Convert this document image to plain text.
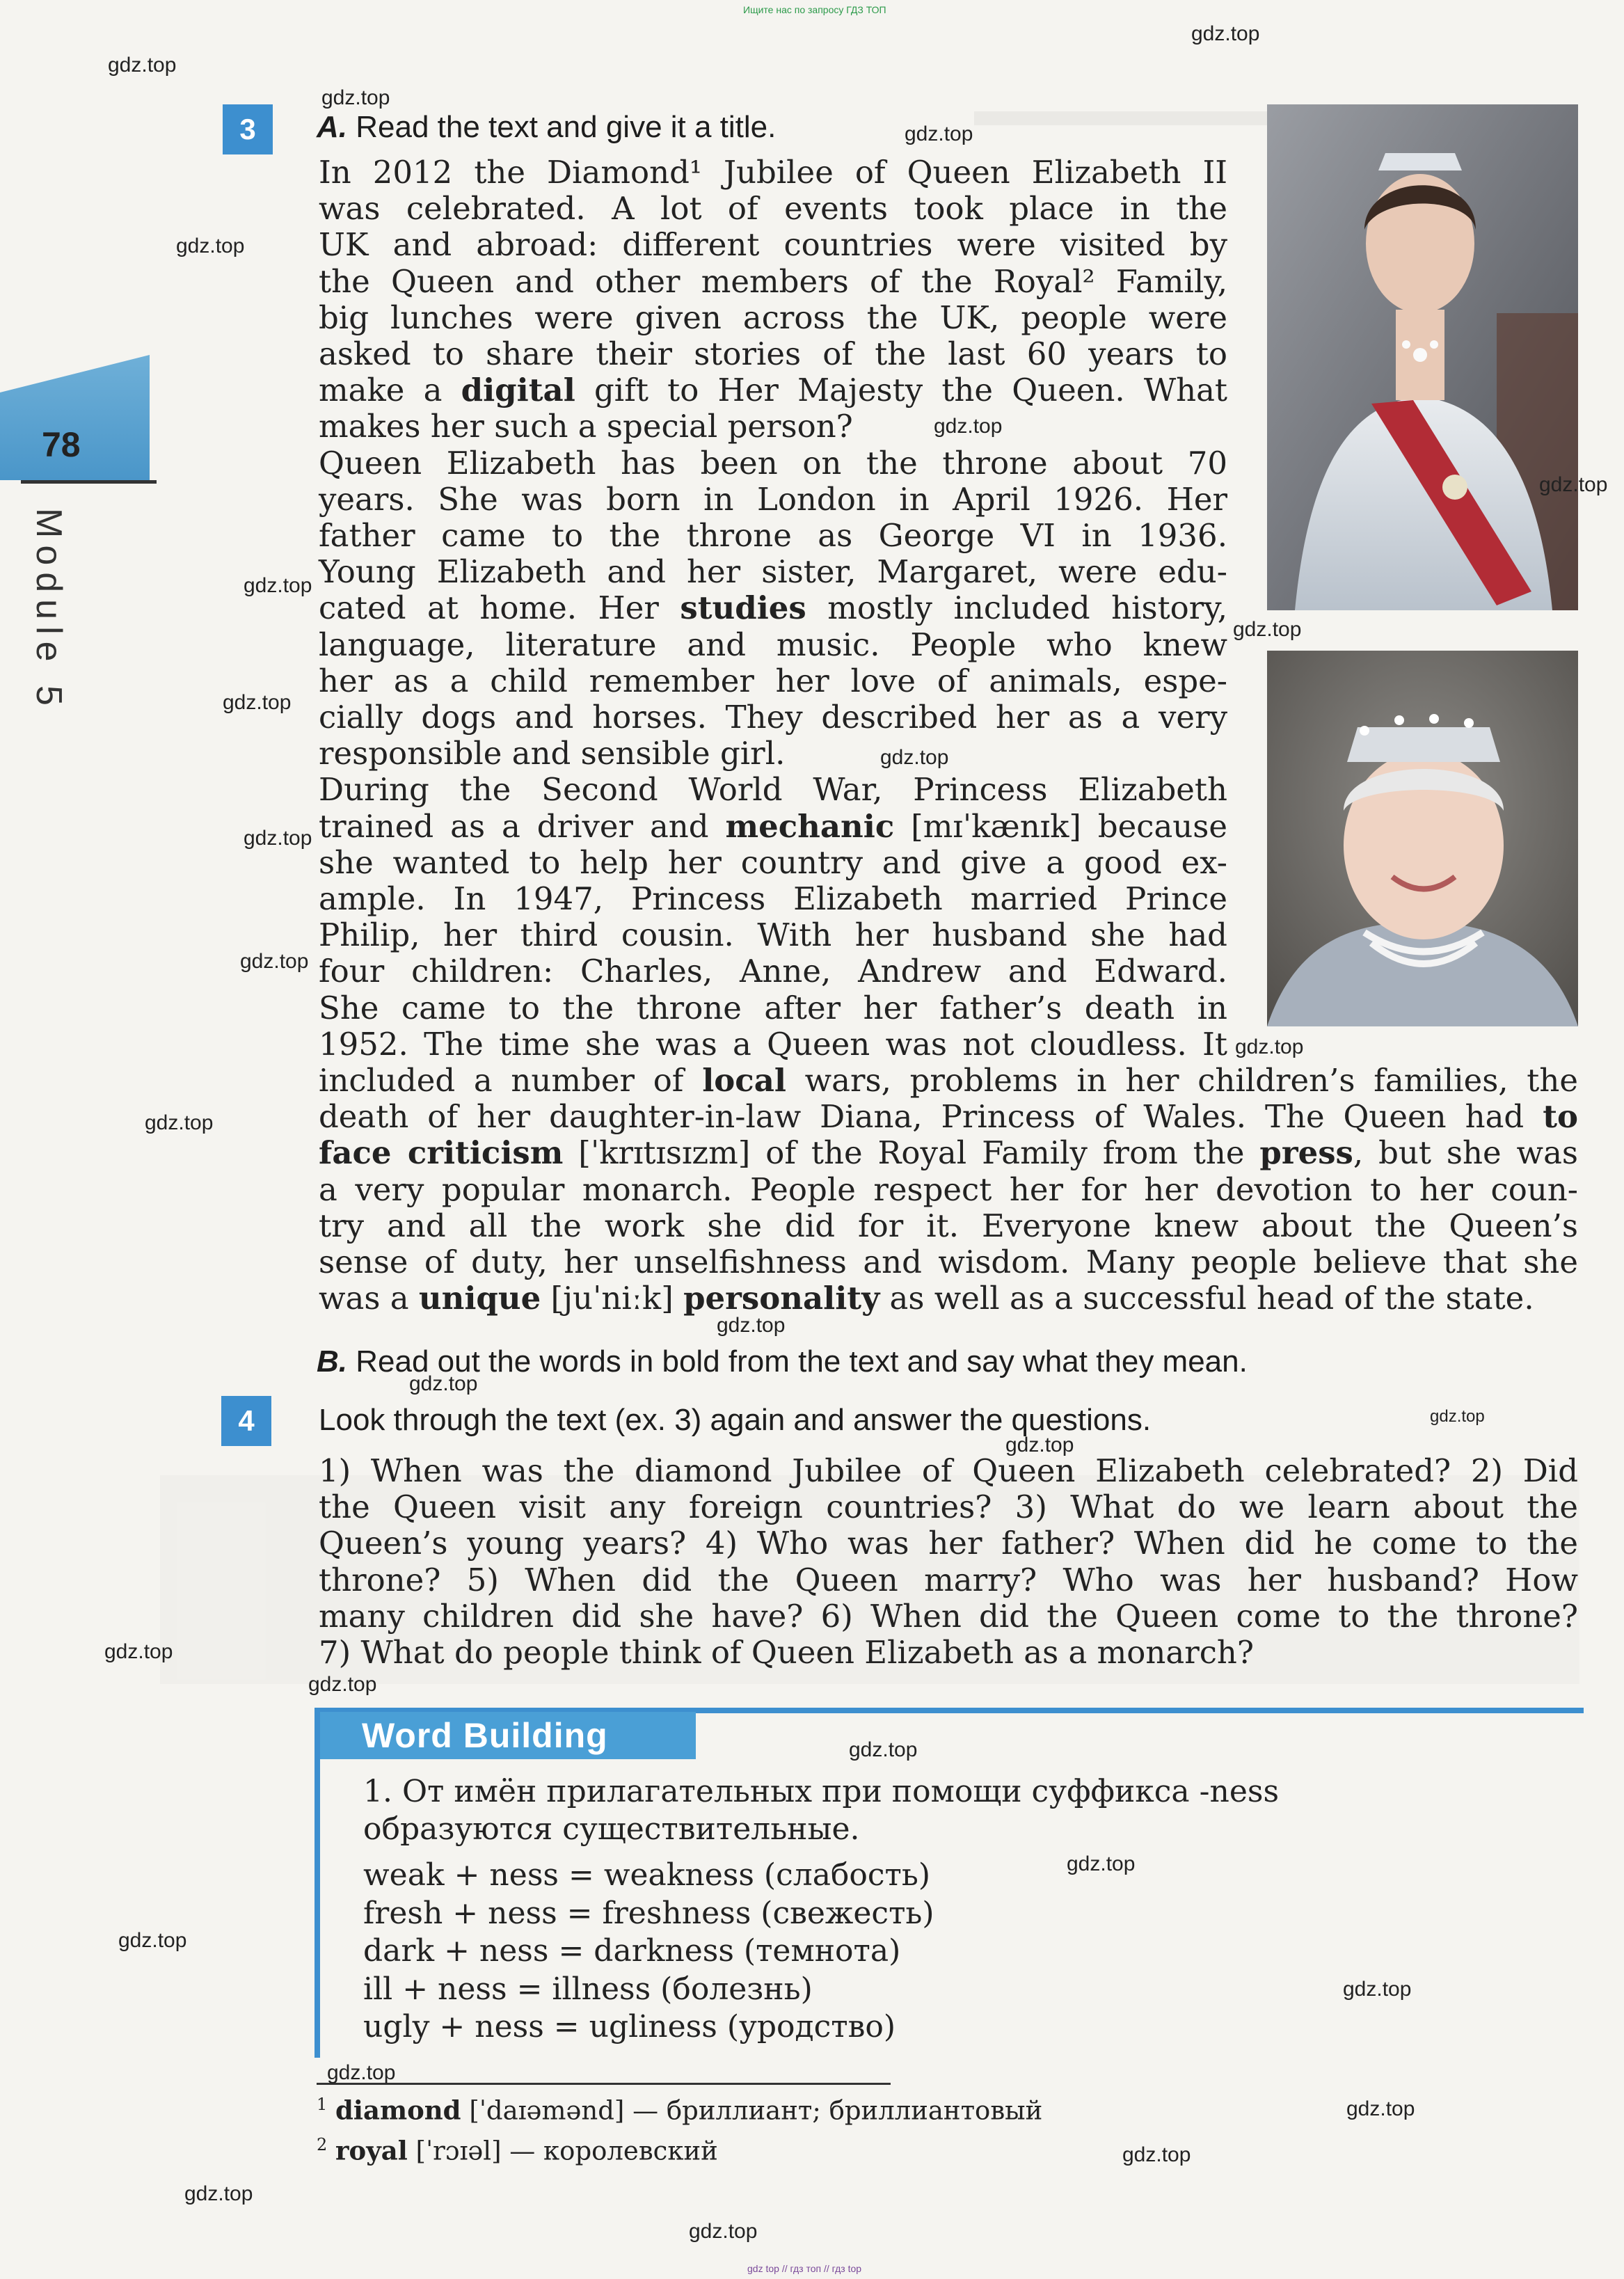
Ищите нас по запросу ГДЗ ТОП
gdz top // гдз топ // гдз top
78
Module 5
3	A. Read the text and give it a title.
In 2012 the Diamond¹ Jubilee of Queen Elizabeth II
was celebrated. A lot of events took place in the
UK and abroad: different countries were visited by
the Queen and other members of the Royal² Family,
big lunches were given across the UK, people were
asked to share their stories of the last 60 years to
make a digital gift to Her Majesty the Queen. What
makes her such a special person?
Queen Elizabeth has been on the throne about 70
years. She was born in London in April 1926. Her
father came to the throne as George VI in 1936.
Young Elizabeth and her sister, Margaret, were edu-
cated at home. Her studies mostly included history,
language, literature and music. People who knew
her as a child remember her love of animals, espe-
cially dogs and horses. They described her as a very
responsible and sensible girl.
During the Second World War, Princess Elizabeth
trained as a driver and mechanic [mɪˈkænɪk] because
she wanted to help her country and give a good ex-
ample. In 1947, Princess Elizabeth married Prince
Philip, her third cousin. With her husband she had
four children: Charles, Anne, Andrew and Edward.
She came to the throne after her father’s death in
1952. The time she was a Queen was not cloudless. It
included a number of local wars, problems in her children’s families, the
death of her daughter-in-law Diana, Princess of Wales. The Queen had to
face criticism [ˈkrɪtɪsɪzm] of the Royal Family from the press, but she was
a very popular monarch. People respect her for her devotion to her coun-
try and all the work she did for it. Everyone knew about the Queen’s
sense of duty, her unselfishness and wisdom. Many people believe that she
was a unique [juˈniːk] personality as well as a successful head of the state.
B. Read out the words in bold from the text and say what they mean.
4	Look through the text (ex. 3) again and answer the questions.
1) When was the diamond Jubilee of Queen Elizabeth celebrated? 2) Did
the Queen visit any foreign countries? 3) What do we learn about the
Queen’s young years? 4) Who was her father? When did he come to the
throne? 5) When did the Queen marry? Who was her husband? How
many children did she have? 6) When did the Queen come to the throne?
7) What do people think of Queen Elizabeth as a monarch?
Word Building
1. От имён прилагательных при помощи суффикса -ness
образуются существительные.
weak + ness = weakness (слабость)
fresh + ness = freshness (свежесть)
dark + ness = darkness (темнота)
ill + ness = illness (болезнь)
ugly + ness = ugliness (уродство)
$^1$ diamond [ˈdaɪəmənd] — бриллиант; бриллиантовый
$^2$ royal [ˈrɔɪəl] — королевский
gdz.top
gdz.top
gdz.top
gdz.top
gdz.top
gdz.top
gdz.top
gdz.top
gdz.top
gdz.top
gdz.top
gdz.top
gdz.top
gdz.top
gdz.top
gdz.top
gdz.top
gdz.top
gdz.top
gdz.top
gdz.top
gdz.top
gdz.top
gdz.top
gdz.top
gdz.top
gdz.top
gdz.top
gdz.top
gdz.top
